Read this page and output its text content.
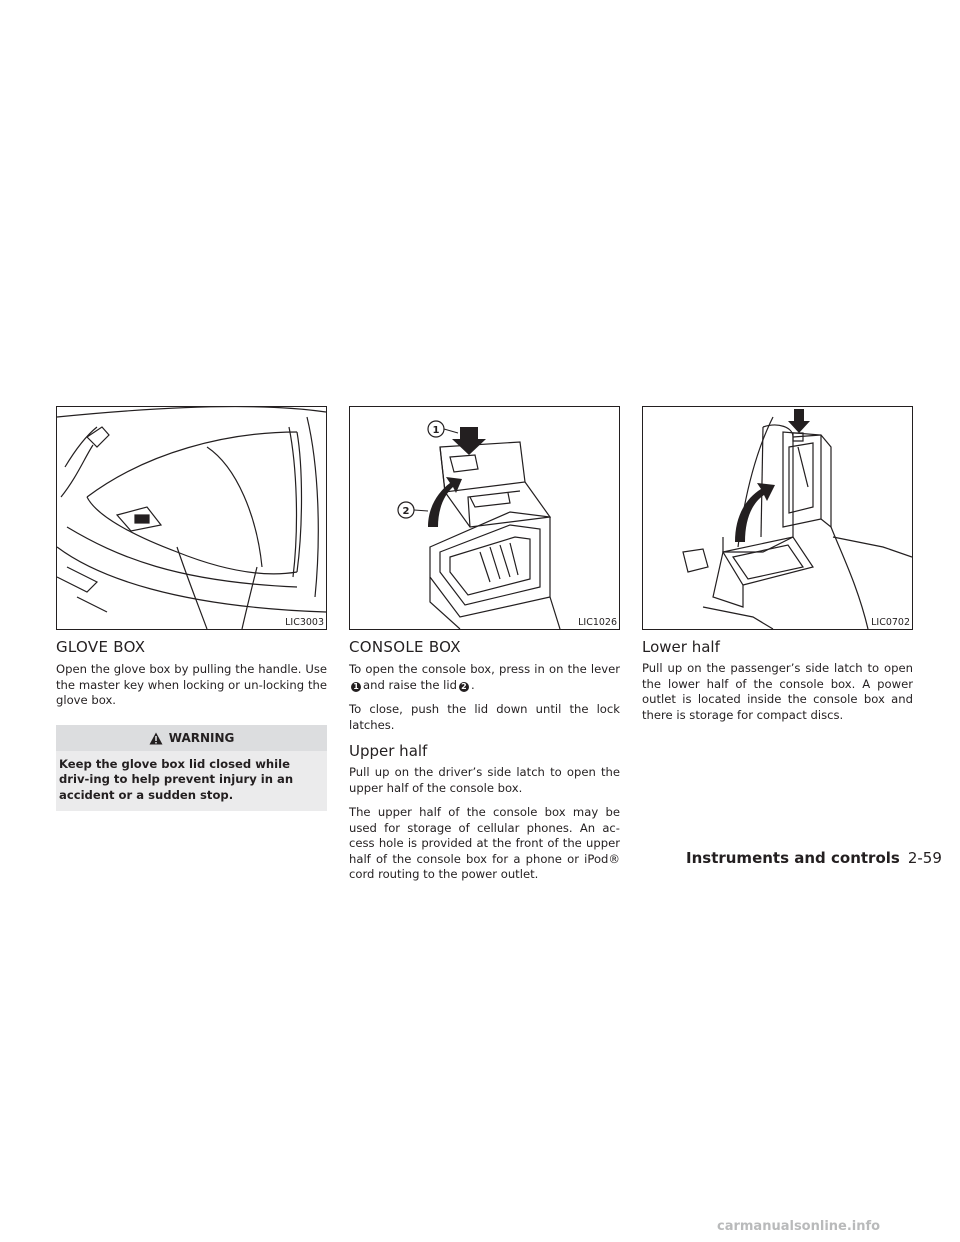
LIC3003
GLOVE BOX

Open the glove box by pulling the handle. Use the master key when locking or un-locking the glove box.

WARNING
Keep the glove box lid closed while driv-ing to help prevent injury in an accident or a sudden stop.
1
2
LIC1026
CONSOLE BOX

To open the console box, press in on the lever1 and raise the lid 2 .

To close, push the lid down until the lock latches.

Upper half

Pull up on the driver’s side latch to open the upper half of the console box.

The upper half of the console box may be used for storage of cellular phones. An ac-cess hole is provided at the front of the upper half of the console box for a phone or iPod® cord routing to the power outlet.

LIC0702
Lower half

Pull up on the passenger’s side latch to open the lower half of the console box. A power outlet is located inside the console box and there is storage for compact discs.

Instruments and controls 2-59
carmanualsonline.info
